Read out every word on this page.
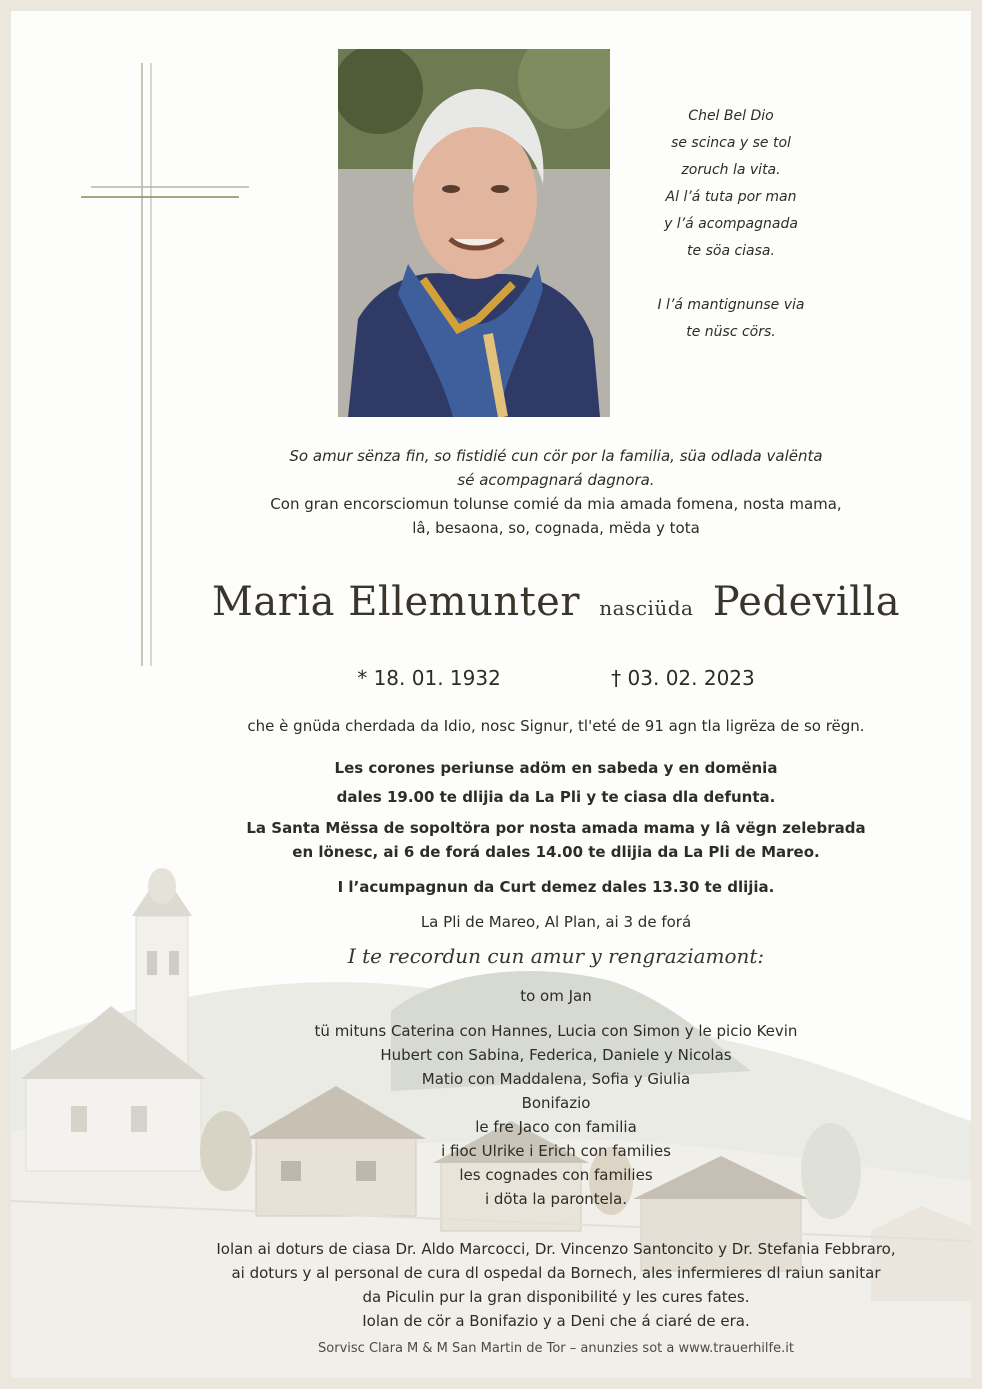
Chel Bel Dio
se scinca y se tol
zoruch la vita.
Al l’á tuta por man
y l’á acompagnada
te söa ciasa.
I l’á mantignunse via
te nüsc cörs.
So amur sënza fin, so fistidié cun cör por la familia, süa odlada valënta
sé acompagnará dagnora.
Con gran encorsciomun tolunse comié da mia amada fomena, nosta mama,
lâ, besaona, so, cognada, mëda y tota
Maria Ellemunter nasciüda Pedevilla
* 18. 01. 1932	† 03. 02. 2023
che è gnüda cherdada da Idio, nosc Signur, tl'eté de 91 agn tla ligrëza de so rëgn.
Les corones periunse adöm en sabeda y en domënia
dales 19.00 te dlijia da La Pli y te ciasa dla defunta.
La Santa Mëssa de sopoltöra por nosta amada mama y lâ vëgn zelebrada
en lönesc, ai 6 de forá dales 14.00 te dlijia da La Pli de Mareo.
I l’acumpagnun da Curt demez dales 13.30 te dlijia.
La Pli de Mareo, Al Plan, ai 3 de forá
I te recordun cun amur y rengraziamont:
to om Jan
tü mituns Caterina con Hannes, Lucia con Simon y le picio Kevin
Hubert con Sabina, Federica, Daniele y Nicolas
Matio con Maddalena, Sofia y Giulia
Bonifazio
le fre Jaco con familia
i fioc Ulrike i Erich con families
les cognades con families
i döta la parontela.
Iolan ai doturs de ciasa Dr. Aldo Marcocci, Dr. Vincenzo Santoncito y Dr. Stefania Febbraro,
ai doturs y al personal de cura dl ospedal da Bornech, ales infermieres dl raiun sanitar
da Piculin pur la gran disponibilité y les cures fates.
Iolan de cör a Bonifazio y a Deni che á ciaré de era.
Sorvisc Clara M & M San Martin de Tor – anunzies sot a www.trauerhilfe.it
